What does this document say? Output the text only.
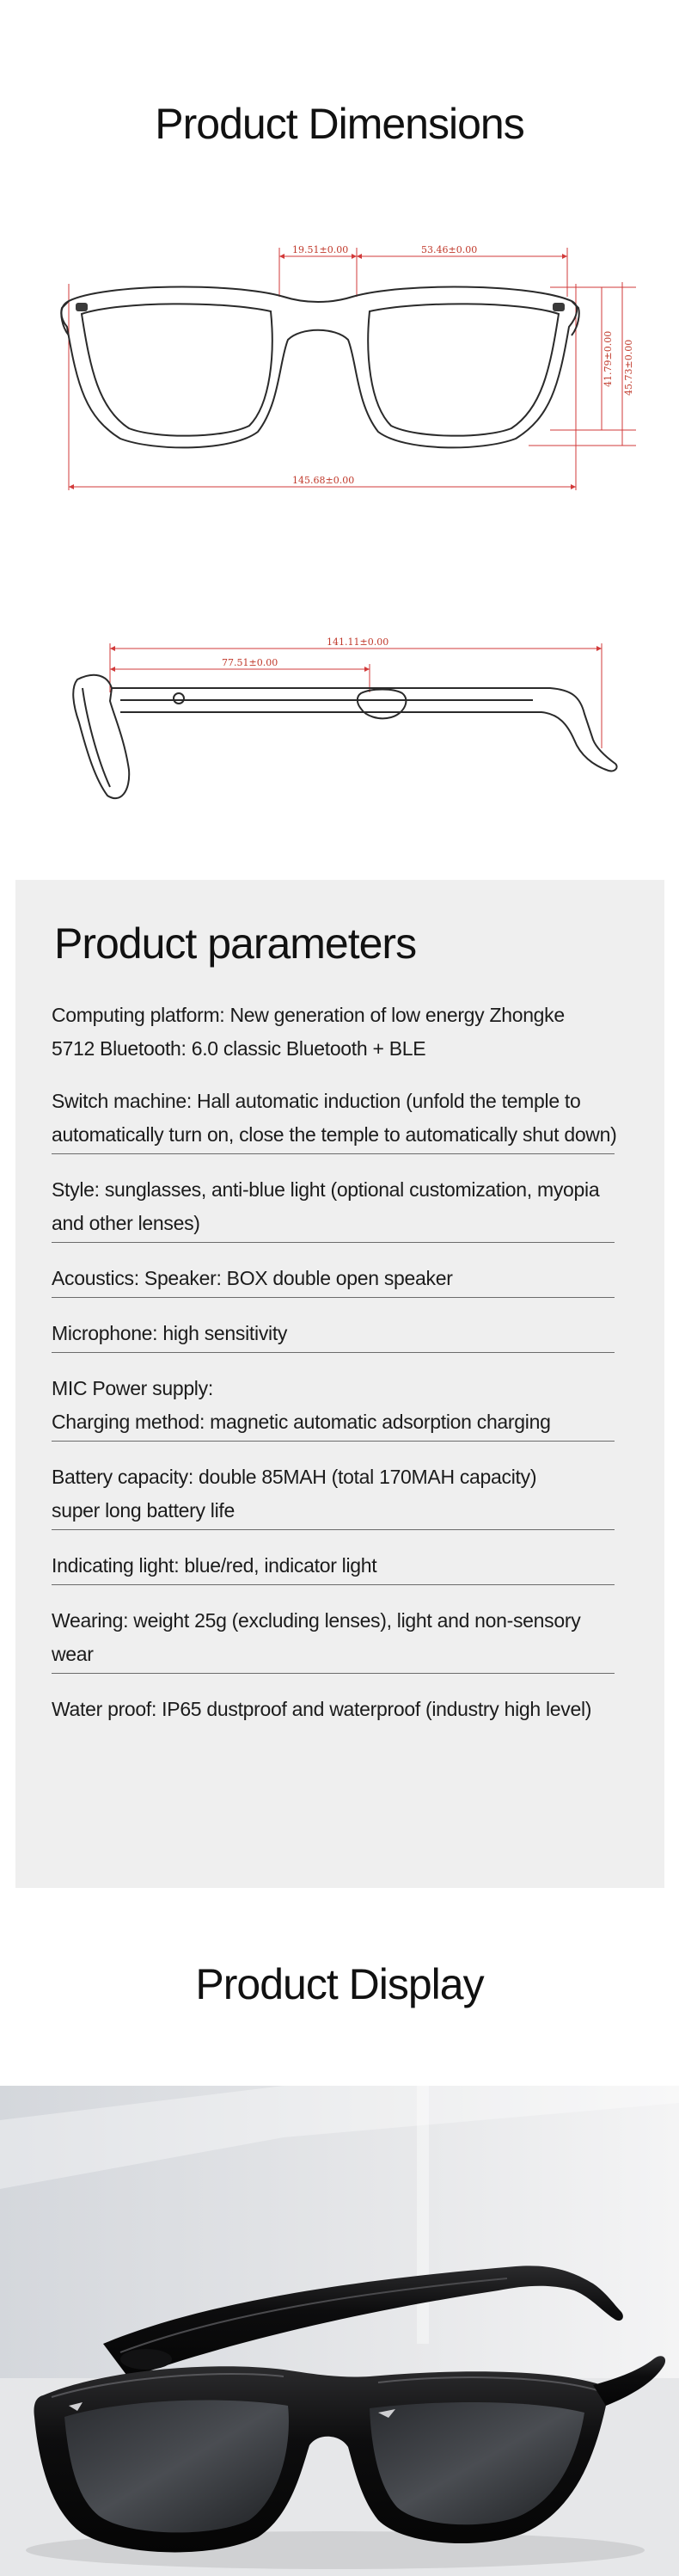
Product Dimensions
19.51±0.00	53.46±0.00
145.68±0.00
41.79±0.00 45.73±0.00
141.11±0.00
77.51±0.00
Product parameters
Computing platform: New generation of low energy Zhongke
5712 Bluetooth: 6.0 classic Bluetooth + BLE
Switch machine: Hall automatic induction (unfold the temple to
automatically turn on, close the temple to automatically shut down)
Style: sunglasses, anti-blue light (optional customization, myopia
and other lenses)
Acoustics: Speaker: BOX double open speaker
Microphone: high sensitivity
MIC Power supply:
Charging method: magnetic automatic adsorption charging
Battery capacity: double 85MAH (total 170MAH capacity)
super long battery life
Indicating light: blue/red, indicator light
Wearing: weight 25g (excluding lenses), light and non-sensory
wear
Water proof: IP65 dustproof and waterproof (industry high level)
Product Display
